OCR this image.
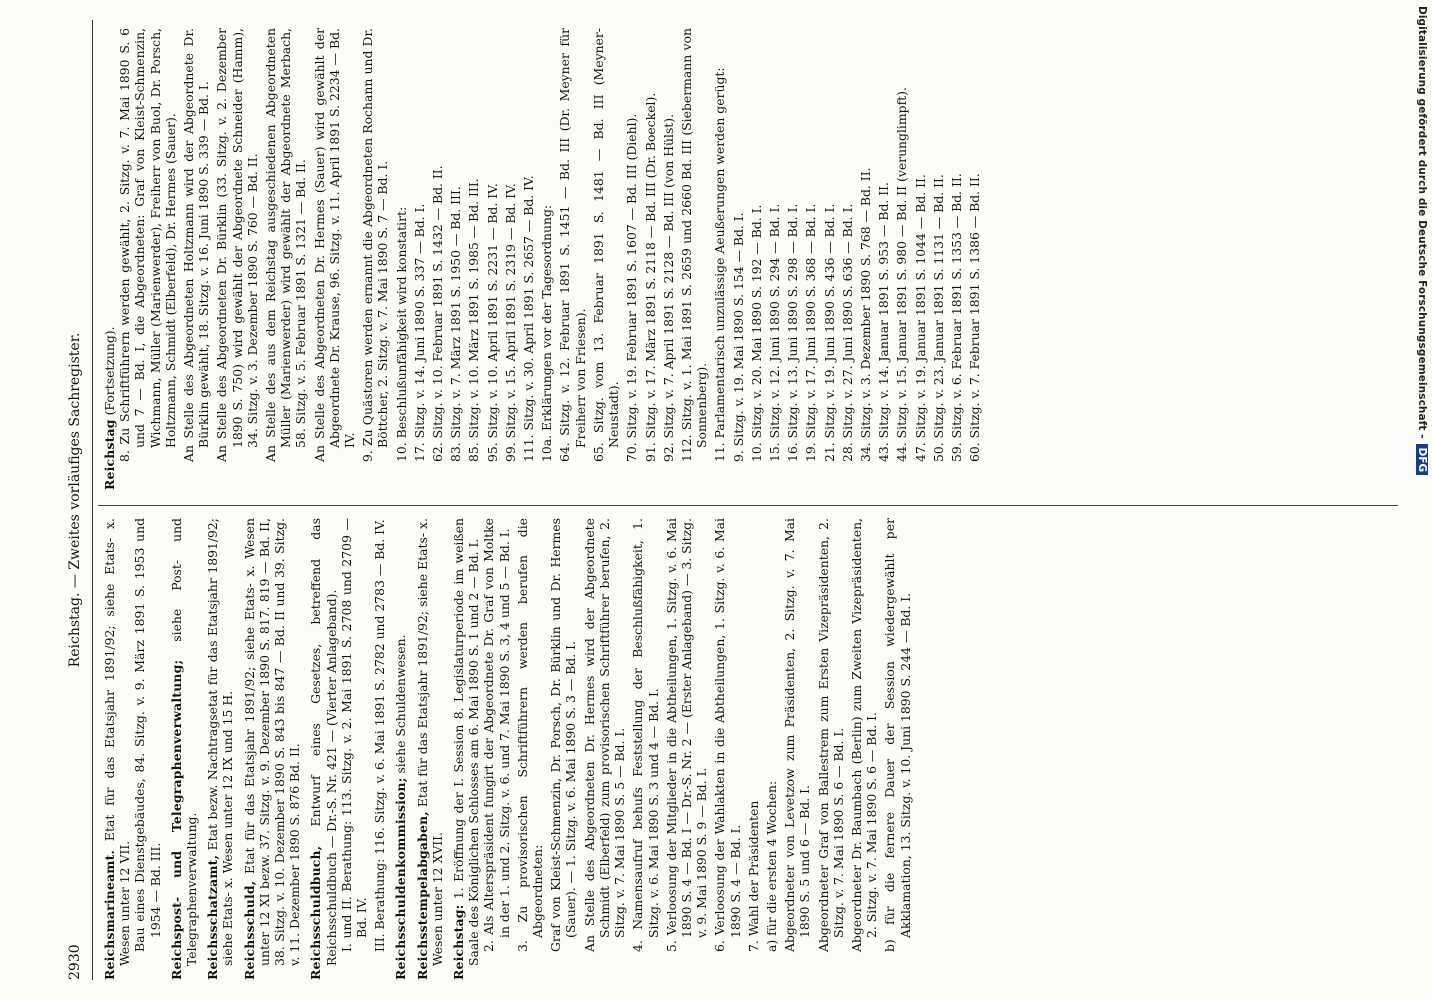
2930
Reichstag. — Zweites vorläufiges Sachregister.
Reichsmarineamt. Etat für das Etatsjahr 1891/92; siehe Etats- x. Wesen unter 12 VII. Bau eines Dienstgebäudes, 84. Sitzg. v. 9. März 1891 S. 1953 und 1954 — Bd. III. Reichspost- und Telegraphenverwaltung; siehe Post- und Telegraphenverwaltung. Reichsschatzamt, Etat bezw. Nachtragsetat für das Etatsjahr 1891/92; siehe Etats- x. Wesen unter 12 IX und 15 H. Reichsschuld, Etat für das Etatsjahr 1891/92; siehe Etats- x. Wesen unter 12 XI bezw. 37. Sitzg. v. 9. Dezember 1890 S. 817. 819 — Bd. II, 38. Sitzg. v. 10. Dezember 1890 S. 843 bis 847 — Bd. II und 39. Sitzg. v. 11. Dezember 1890 S. 876 Bd. II. Reichsschuldbuch, Entwurf eines Gesetzes, betreffend das Reichsschuldbuch — Dr.-S. Nr. 421 — (Vierter Anlageband). I. und II. Berathung: 113. Sitzg. v. 2. Mai 1891 S. 2708 und 2709 — Bd. IV. III. Berathung: 116. Sitzg. v. 6. Mai 1891 S. 2782 und 2783 — Bd. IV. Reichsschuldenkommission; siehe Schuldenwesen.
Reichsstempelabgaben, Etat für das Etatsjahr 1891/92; siehe Etats- x. Wesen unter 12 XVII. Reichstag: 1. Eröffnung der I. Session 8. Legislaturperiode im weißen Saale des Königlichen Schlosses am 6. Mai 1890 S. 1 und 2 — Bd. I. 2. Als Alterspräsident fungirt der Abgeordnete Dr. Graf von Moltke in der 1. und 2. Sitzg. v. 6. und 7. Mai 1890 S. 3, 4 und 5 — Bd. I. 3. Zu provisorischen Schriftführern werden berufen die Abgeordneten: Graf von Kleist-Schmenzin, Dr. Porsch, Dr. Bürklin und Dr. Hermes (Sauer). — 1. Sitzg. v. 6. Mai 1890 S. 3 — Bd. I. An Stelle des Abgeordneten Dr. Hermes wird der Abgeordnete Schmidt (Elberfeld) zum provisorischen Schriftführer berufen, 2. Sitzg. v. 7. Mai 1890 S. 5 — Bd. I. 4. Namensaufruf behufs Feststellung der Beschlußfähigkeit, 1. Sitzg. v. 6. Mai 1890 S. 3 und 4 — Bd. I. 5. Verloosung der Mitglieder in die Abtheilungen, 1. Sitzg. v. 6. Mai 1890 S. 4 — Bd. I — Dr.-S. Nr. 2 — (Erster Anlageband) — 3. Sitzg. v. 9. Mai 1890 S. 9 — Bd. I. 6. Verloosung der Wahlakten in die Abtheilungen, 1. Sitzg. v. 6. Mai 1890 S. 4 — Bd. I. 7. Wahl der Präsidenten a) für die ersten 4 Wochen: Abgeordneter von Levetzow zum Präsidenten, 2. Sitzg. v. 7. Mai 1890 S. 5 und 6 — Bd. I. Abgeordneter Graf von Ballestrem zum Ersten Vizepräsidenten, 2. Sitzg. v. 7. Mai 1890 S. 6 — Bd. I. Abgeordneter Dr. Baumbach (Berlin) zum Zweiten Vizepräsidenten, 2. Sitzg. v. 7. Mai 1890 S. 6 — Bd. I. b) für die fernere Dauer der Session wiedergewählt per Akklamation, 13. Sitzg. v. 10. Juni 1890 S. 244 — Bd. I.
Reichstag (Fortsetzung). 8. Zu Schriftführern werden gewählt, 2. Sitzg. v. 7. Mai 1890 S. 6 und 7 — Bd. I, die Abgeordneten: Graf von Kleist-Schmenzin, Wichmann, Müller (Marienwerder), Freiherr von Buol, Dr. Porsch, Holtzmann, Schmidt (Elberfeld), Dr. Hermes (Sauer). An Stelle des Abgeordneten Holtzmann wird der Abgeordnete Dr. Bürklin gewählt, 18. Sitzg. v. 16. Juni 1890 S. 339 — Bd. I. An Stelle des Abgeordneten Dr. Bürklin (33. Sitzg. v. 2. Dezember 1890 S. 750) wird gewählt der Abgeordnete Schneider (Hamm), 34. Sitzg. v. 3. Dezember 1890 S. 760 — Bd. II. An Stelle des aus dem Reichstag ausgeschiedenen Abgeordneten Müller (Marienwerder) wird gewählt der Abgeordnete Merbach, 58. Sitzg. v. 5. Februar 1891 S. 1321 — Bd. II. An Stelle des Abgeordneten Dr. Hermes (Sauer) wird gewählt der Abgeordnete Dr. Krause, 96. Sitzg. v. 11. April 1891 S. 2234 — Bd. IV. 9. Zu Quästoren werden ernannt die Abgeordneten Rochann und Dr. Böttcher, 2. Sitzg. v. 7. Mai 1890 S. 7 — Bd. I. 10. Beschlußunfähigkeit wird konstatirt: 17. Sitzg. v. 14. Juni 1890 S. 337 — Bd. I. 62. Sitzg. v. 10. Februar 1891 S. 1432 — Bd. II. 83. Sitzg. v. 7. März 1891 S. 1950 — Bd. III. 85. Sitzg. v. 10. März 1891 S. 1985 — Bd. III. 95. Sitzg. v. 10. April 1891 S. 2231 — Bd. IV. 99. Sitzg. v. 15. April 1891 S. 2319 — Bd. IV. 111. Sitzg. v. 30. April 1891 S. 2657 — Bd. IV. 10a. Erklärungen vor der Tagesordnung: 64. Sitzg. v. 12. Februar 1891 S. 1451 — Bd. III (Dr. Meyner für Freiherr von Friesen). 65. Sitzg. vom 13. Februar 1891 S. 1481 — Bd. III (Meyner-Neustadt). 70. Sitzg. v. 19. Februar 1891 S. 1607 — Bd. III (Diehl). 91. Sitzg. v. 17. März 1891 S. 2118 — Bd. III (Dr. Boeckel). 92. Sitzg. v. 7. April 1891 S. 2128 — Bd. III (von Hülst). 112. Sitzg. v. 1. Mai 1891 S. 2659 und 2660 Bd. III (Siebermann von Sonnenberg). 11. Parlamentarisch unzulässige Aeußerungen werden gerügt: 9. Sitzg. v. 19. Mai 1890 S. 154 — Bd. I. 10. Sitzg. v. 20. Mai 1890 S. 192 — Bd. I. 15. Sitzg. v. 12. Juni 1890 S. 294 — Bd. I. 16. Sitzg. v. 13. Juni 1890 S. 298 — Bd. I. 19. Sitzg. v. 17. Juni 1890 S. 368 — Bd. I. 21. Sitzg. v. 19. Juni 1890 S. 436 — Bd. I. 28. Sitzg. v. 27. Juni 1890 S. 636 — Bd. I. 34. Sitzg. v. 3. Dezember 1890 S. 768 — Bd. II. 43. Sitzg. v. 14. Januar 1891 S. 953 — Bd. II. 44. Sitzg. v. 15. Januar 1891 S. 980 — Bd. II (verunglimpft). 47. Sitzg. v. 19. Januar 1891 S. 1044 — Bd. II. 50. Sitzg. v. 23. Januar 1891 S. 1131 — Bd. II. 59. Sitzg. v. 6. Februar 1891 S. 1353 — Bd. II. 60. Sitzg. v. 7. Februar 1891 S. 1386 — Bd. II.	Digitalisierung gefördert durch die Deutsche Forschungsgemeinschaft - DFG
